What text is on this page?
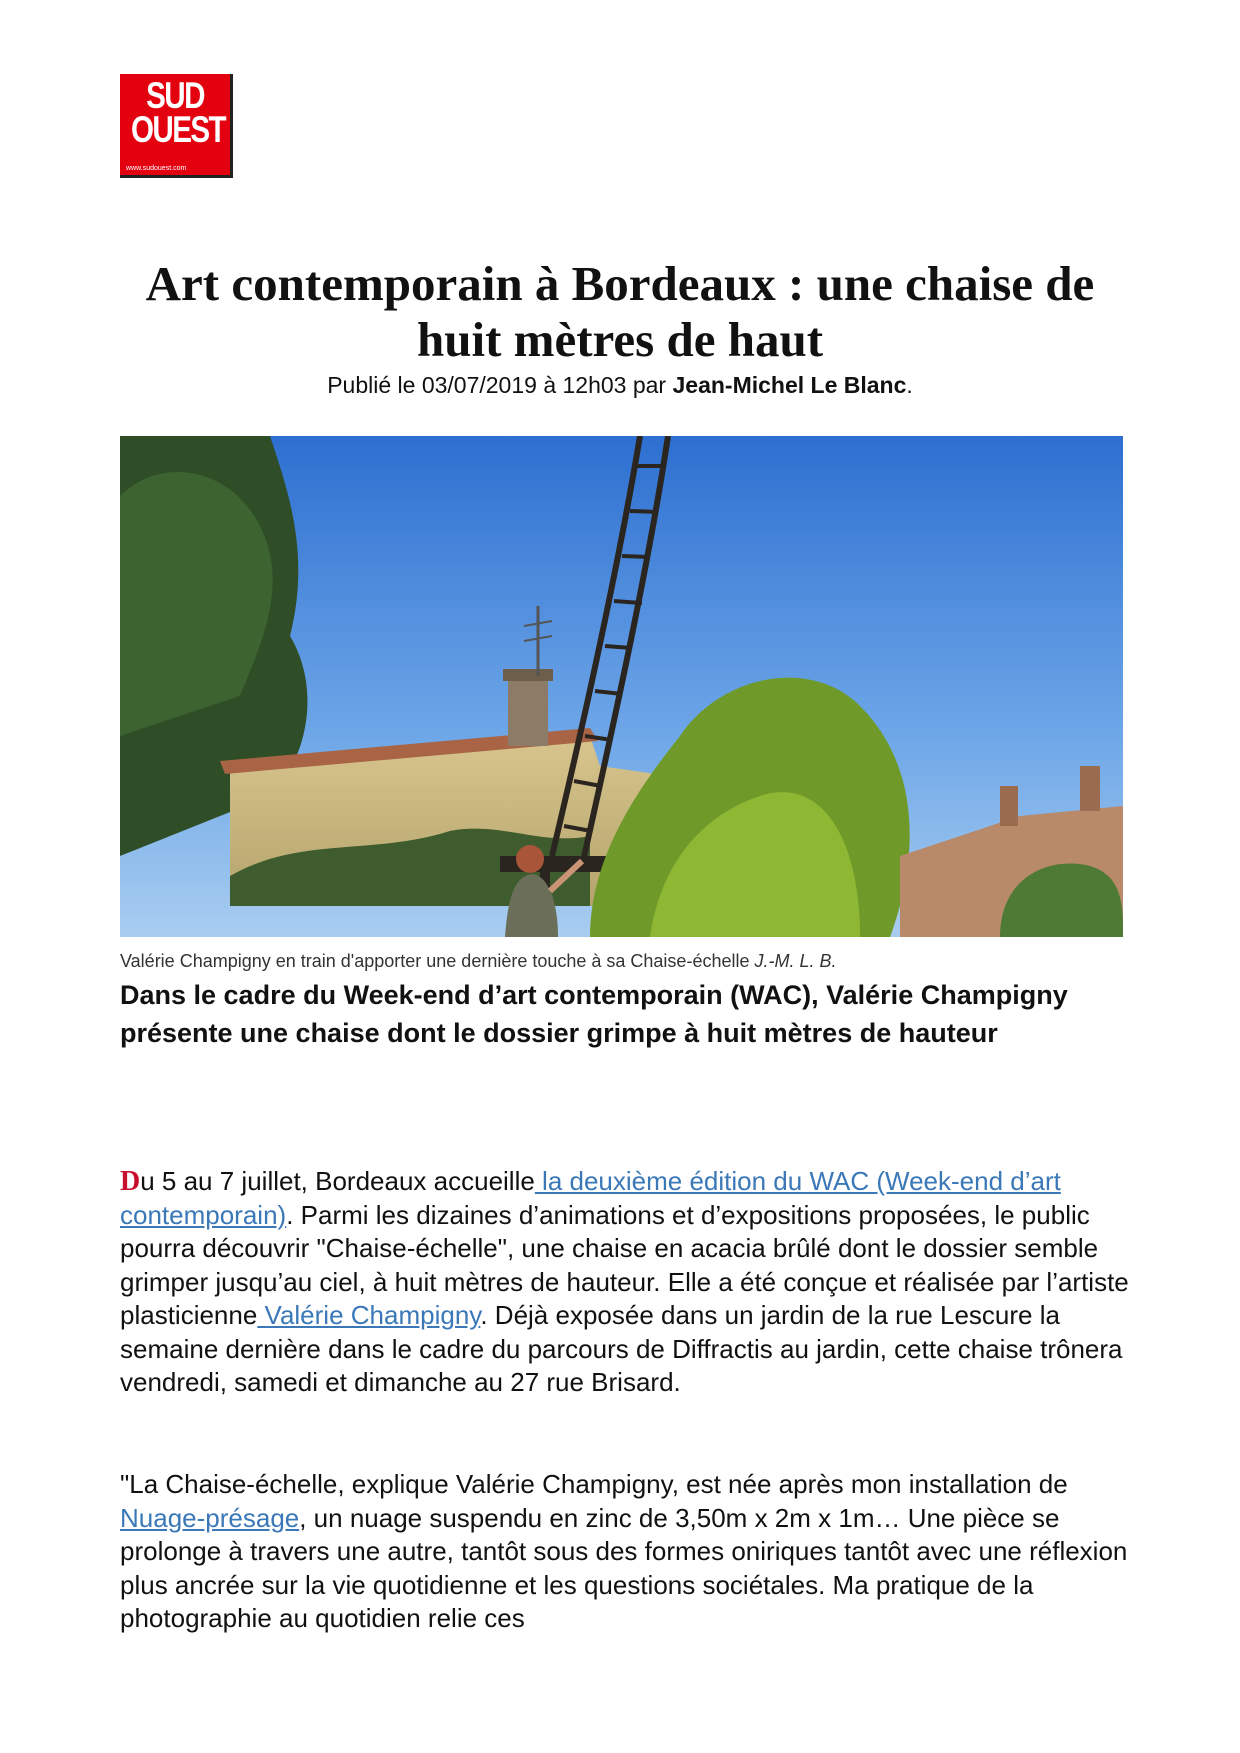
SUD
OUEST
www.sudouest.com
Art contemporain à Bordeaux : une chaise de huit mètres de haut
Publié le 03/07/2019 à 12h03 par Jean-Michel Le Blanc.
Valérie Champigny en train d'apporter une dernière touche à sa Chaise-échelle J.-M. L. B.

Dans le cadre du Week-end d’art contemporain (WAC), Valérie Champigny présente une chaise dont le dossier grimpe à huit mètres de hauteur

Du 5 au 7 juillet, Bordeaux accueille la deuxième édition du WAC (Week-end d’art contemporain). Parmi les dizaines d’animations et d’expositions proposées, le public pourra découvrir "Chaise-échelle", une chaise en acacia brûlé dont le dossier semble grimper jusqu’au ciel, à huit mètres de hauteur. Elle a été conçue et réalisée par l’artiste plasticienne Valérie Champigny. Déjà exposée dans un jardin de la rue Lescure la semaine dernière dans le cadre du parcours de Diffractis au jardin, cette chaise trônera vendredi, samedi et dimanche au 27 rue Brisard.

"La Chaise-échelle, explique Valérie Champigny, est née après mon installation de Nuage-présage, un nuage suspendu en zinc de 3,50m x 2m x 1m… Une pièce se prolonge à travers une autre, tantôt sous des formes oniriques tantôt avec une réflexion plus ancrée sur la vie quotidienne et les questions sociétales. Ma pratique de la photographie au quotidien relie ces
